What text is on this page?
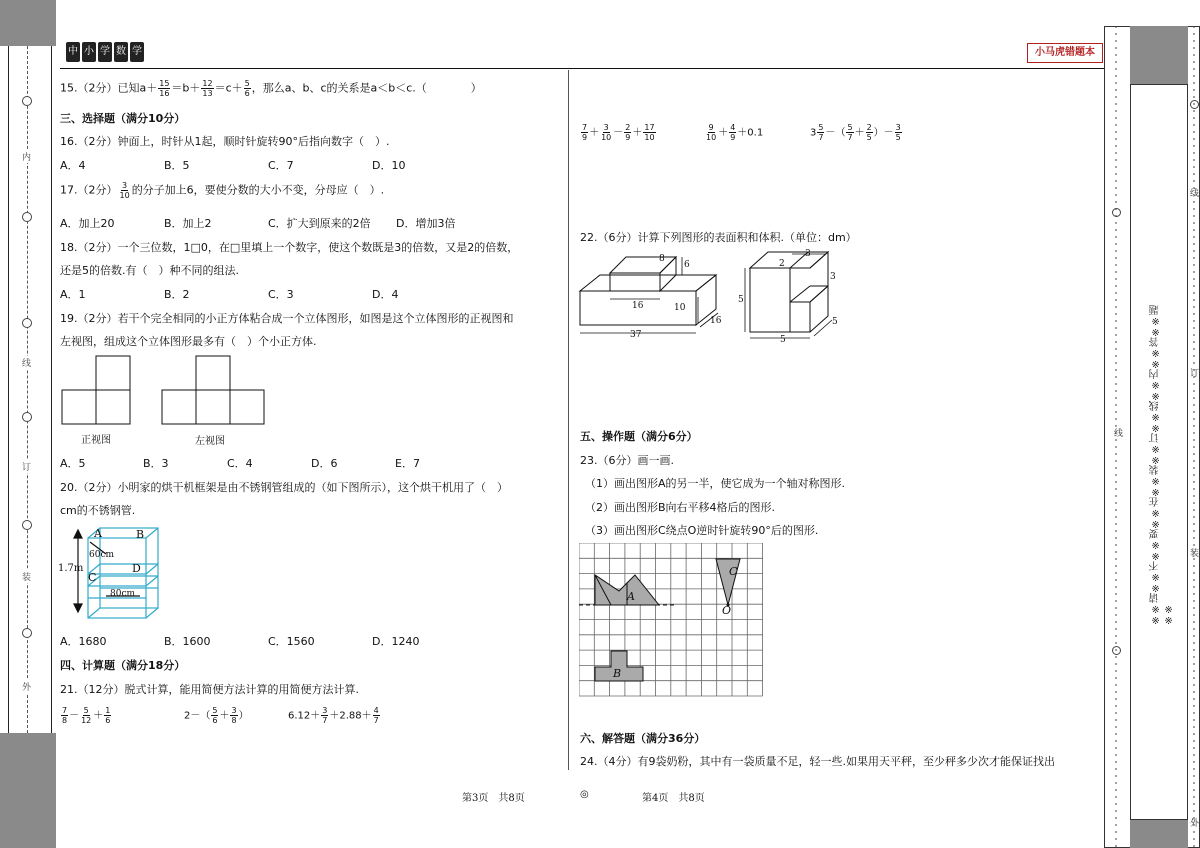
内
线
订
装
外
线
订
线
装
外
※※请※※不※※要※※在※※装※※订※※线※※内※※答※※题※※
中 小 学 数 学	小马虎错题本
15.（2分）已知$a+ \frac{15}{16} =b+ \frac{12}{13} =c+ \frac{5}{6}$ ，那么a、b、c的关系是a＜b＜c.（　　　　）
三、选择题（满分10分）
16.（2分）钟面上，时针从1起，顺时针旋转90°后指向数字（　）.
A．4	B．5	C．7	D．10
17.（2分） $\frac{3}{10}$ 的分子加上6，要使分数的大小不变，分母应（　）.
A．加上20	B．加上2	C．扩大到原来的2倍 D．增加3倍
18.（2分）一个三位数，1□0，在□里填上一个数字，使这个数既是3的倍数，又是2的倍数，
还是5的倍数.有（　）种不同的组法.
A．1	B．2	C．3	D．4
19.（2分）若干个完全相同的小正方体粘合成一个立体图形，如图是这个立体图形的正视图和
左视图，组成这个立体图形最多有（　）个小正方体.
正视图	左视图
A．5	B．3	C．4	D．6	E．7
20.（2分）小明家的烘干机框架是由不锈钢管组成的（如下图所示），这个烘干机用了（　）
cm的不锈钢管.
A	B
C
D
1.7m
60cm
80cm
A．1680	B．1600	C．1560	D．1240
四、计算题（满分18分）
21.（12分）脱式计算，能用简便方法计算的用简便方法计算.
$\frac{7}{8} - \frac{5}{12} + \frac{1}{6}$	$2-( \frac{5}{6} + \frac{3}{8}$ ）	$6.12+ \frac{3}{7} +2.88+ \frac{4}{7}$
$\frac{7}{9} + \frac{3}{10} - \frac{2}{9} + \frac{17}{10}$	$\frac{9}{10} + \frac{4}{9} +0.1$	$3 \frac{5}{7}$ －（ $\frac{5}{7} + \frac{2}{5}$ ）－ $\frac{3}{5}$
22.（6分）计算下列图形的表面积和体积.（单位：dm）
8
6
16	10
16
37
2
3
3
5
5
5
五、操作题（满分6分）
23.（6分）画一画.
（1）画出图形A的另一半，使它成为一个轴对称图形.
（2）画出图形B向右平移4格后的图形.
（3）画出图形C绕点O逆时针旋转90°后的图形.
A
C
O
B
六、解答题（满分36分）
24.（4分）有9袋奶粉，其中有一袋质量不足，轻一些.如果用天平秤，至少秤多少次才能保证找出
第3页　共8页	◎	第4页　共8页
